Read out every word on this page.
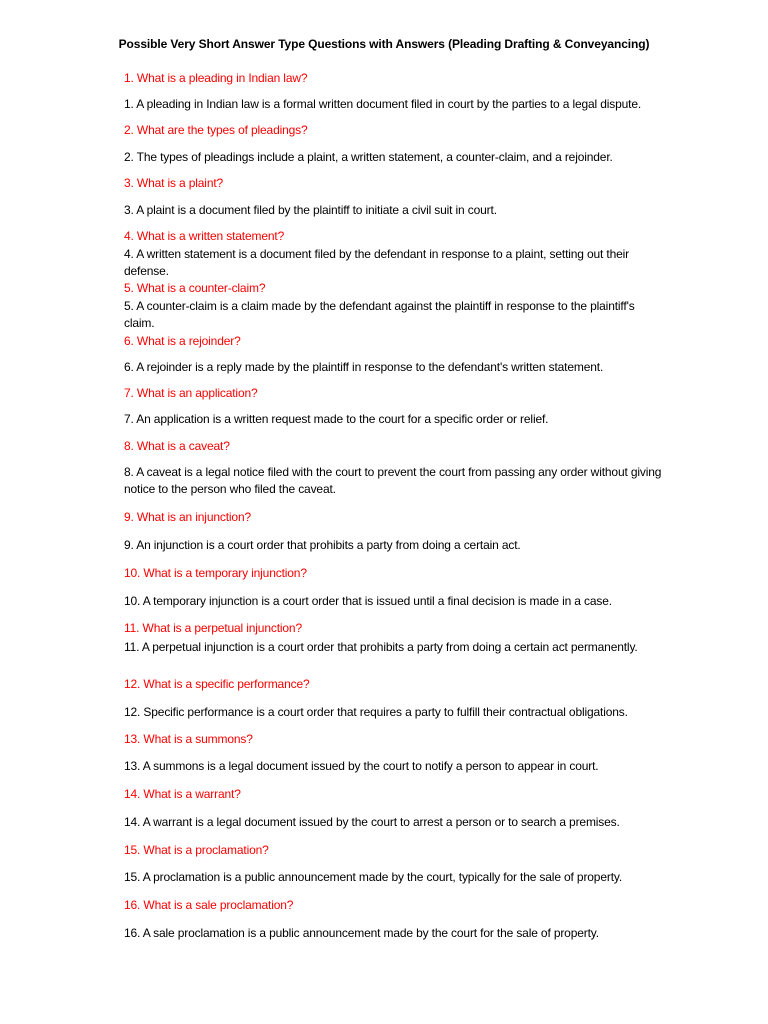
Possible Very Short Answer Type Questions with Answers (Pleading Drafting & Conveyancing)
1. What is a pleading in Indian law?
1. A pleading in Indian law is a formal written document filed in court by the parties to a legal dispute.
2. What are the types of pleadings?
2. The types of pleadings include a plaint, a written statement, a counter-claim, and a rejoinder.
3. What is a plaint?
3. A plaint is a document filed by the plaintiff to initiate a civil suit in court.
4. What is a written statement?
4. A written statement is a document filed by the defendant in response to a plaint, setting out their defense.
5. What is a counter-claim?
5. A counter-claim is a claim made by the defendant against the plaintiff in response to the plaintiff's claim.
6. What is a rejoinder?
6. A rejoinder is a reply made by the plaintiff in response to the defendant's written statement.
7. What is an application?
7. An application is a written request made to the court for a specific order or relief.
8. What is a caveat?
8. A caveat is a legal notice filed with the court to prevent the court from passing any order without giving notice to the person who filed the caveat.
9. What is an injunction?
9. An injunction is a court order that prohibits a party from doing a certain act.
10. What is a temporary injunction?
10. A temporary injunction is a court order that is issued until a final decision is made in a case.
11. What is a perpetual injunction?
11. A perpetual injunction is a court order that prohibits a party from doing a certain act permanently.
12. What is a specific performance?
12. Specific performance is a court order that requires a party to fulfill their contractual obligations.
13. What is a summons?
13. A summons is a legal document issued by the court to notify a person to appear in court.
14. What is a warrant?
14. A warrant is a legal document issued by the court to arrest a person or to search a premises.
15. What is a proclamation?
15. A proclamation is a public announcement made by the court, typically for the sale of property.
16. What is a sale proclamation?
16. A sale proclamation is a public announcement made by the court for the sale of property.
